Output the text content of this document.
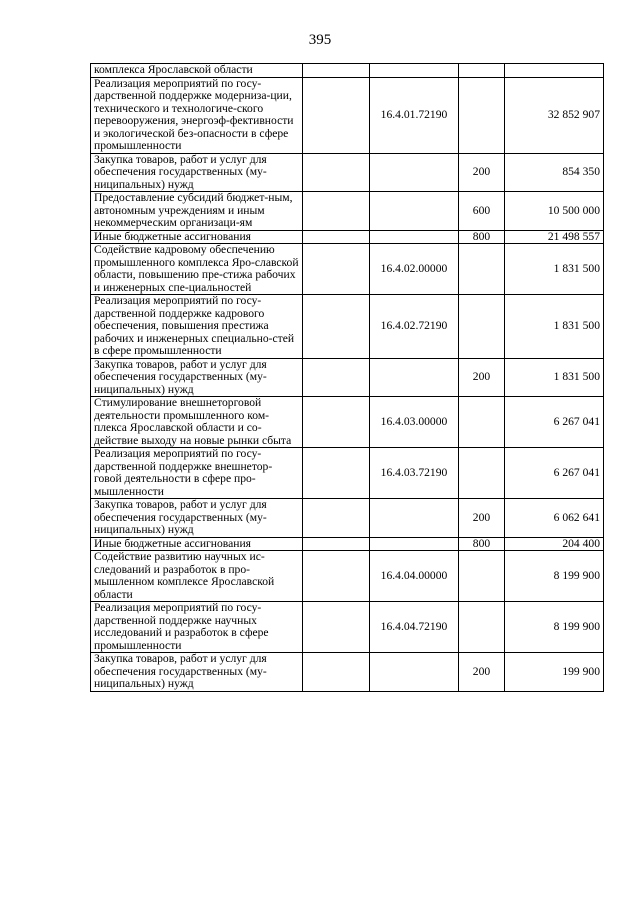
395
комплекса Ярославской области				
Реализация мероприятий по госу-дарственной поддержке модерниза-ции, технического и технологиче-ского перевооружения, энергоэф-фективности и экологической без-опасности в сфере промышленности		16.4.01.72190		32 852 907
Закупка товаров, работ и услуг для обеспечения государственных (му-ниципальных) нужд			200	854 350
Предоставление субсидий бюджет-ным, автономным учреждениям и иным некоммерческим организаци-ям			600	10 500 000
Иные бюджетные ассигнования			800	21 498 557
Содействие кадровому обеспечению промышленного комплекса Яро-славской области, повышению пре-стижа рабочих и инженерных спе-циальностей		16.4.02.00000		1 831 500
Реализация мероприятий по госу-дарственной поддержке кадрового обеспечения, повышения престижа рабочих и инженерных специально-стей в сфере промышленности		16.4.02.72190		1 831 500
Закупка товаров, работ и услуг для обеспечения государственных (му-ниципальных) нужд			200	1 831 500
Стимулирование внешнеторговой деятельности промышленного ком-плекса Ярославской области и со-действие выходу на новые рынки сбыта		16.4.03.00000		6 267 041
Реализация мероприятий по госу-дарственной поддержке внешнетор-говой деятельности в сфере про-мышленности		16.4.03.72190		6 267 041
Закупка товаров, работ и услуг для обеспечения государственных (му-ниципальных) нужд			200	6 062 641
Иные бюджетные ассигнования			800	204 400
Содействие развитию научных ис-следований и разработок в про-мышленном комплексе Ярославской области		16.4.04.00000		8 199 900
Реализация мероприятий по госу-дарственной поддержке научных исследований и разработок в сфере промышленности		16.4.04.72190		8 199 900
Закупка товаров, работ и услуг для обеспечения государственных (му-ниципальных) нужд			200	199 900
